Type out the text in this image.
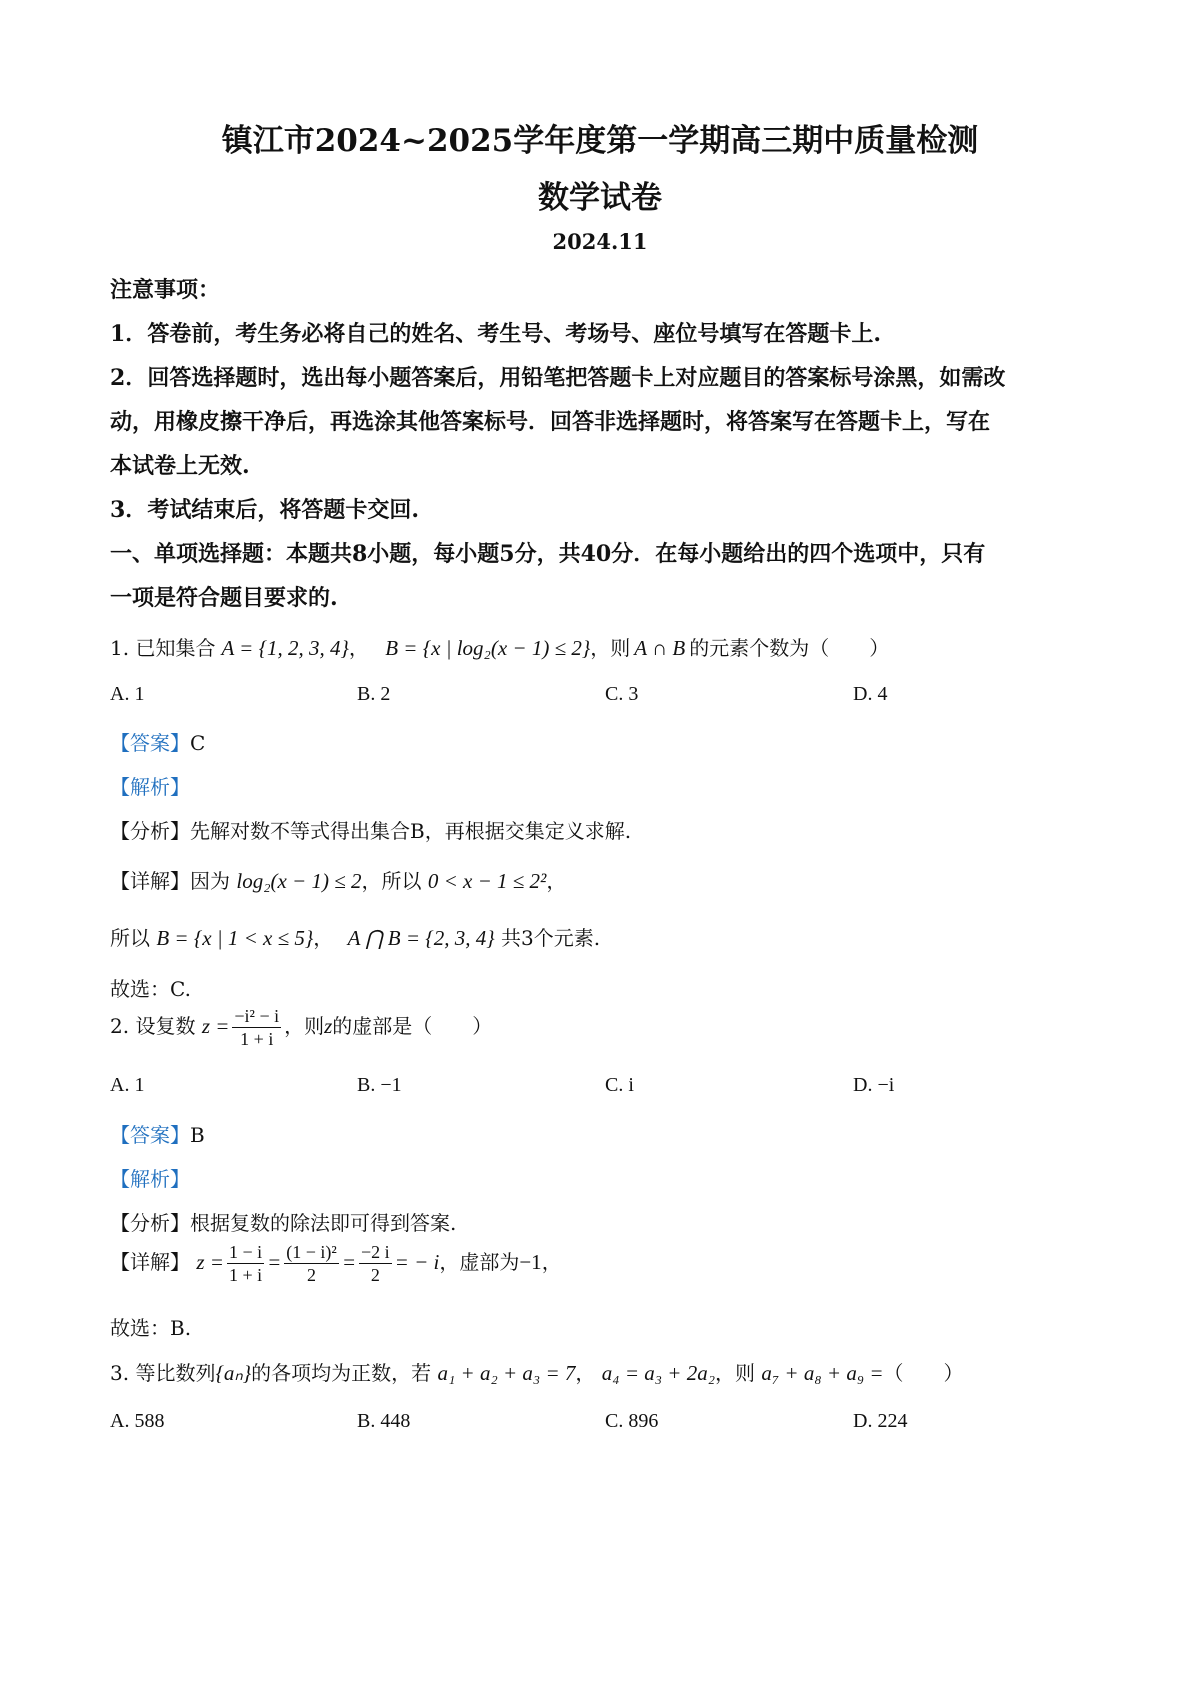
镇江市2024~2025学年度第一学期高三期中质量检测
数学试卷
2024.11
注意事项：
1．答卷前，考生务必将自己的姓名、考生号、考场号、座位号填写在答题卡上.
2．回答选择题时，选出每小题答案后，用铅笔把答题卡上对应题目的答案标号涂黑，如需改
动，用橡皮擦干净后，再选涂其他答案标号．回答非选择题时，将答案写在答题卡上，写在
本试卷上无效.
3．考试结束后，将答题卡交回.
一、单项选择题：本题共8小题，每小题5分，共40分．在每小题给出的四个选项中，只有
一项是符合题目要求的.
1. 已知集合 A = {1, 2, 3, 4}， B = {x | log₂(x − 1) ≤ 2}，则 A ∩ B 的元素个数为（　　）
A. 1	B. 2	C. 3	D. 4
【答案】C
【解析】
【分析】先解对数不等式得出集合B，再根据交集定义求解.
【详解】因为 log₂(x − 1) ≤ 2，所以 0 < x − 1 ≤ 2²，
所以 B = {x | 1 < x ≤ 5}， A ⋂ B = {2, 3, 4} 共3个元素.
故选：C.
2. 设复数 $z = \frac{\text{−i² − i}}{1 + i}$ ，则z的虚部是（　　）
A. 1	B. −1	C. i	D. −i
【答案】B
【解析】
【分析】根据复数的除法即可得到答案.
【详解】 $z = \frac{1 - i}{1 + i} = \frac{\text{(1 − i)²}}{2} = \frac{-2 i}{2}$ = − i，虚部为−1，
故选：B.
3. 等比数列{aₙ}的各项均为正数，若 a₁ + a₂ + a₃ = 7， a₄ = a₃ + 2a₂，则 a₇ + a₈ + a₉ =（　　）
A. 588	B. 448	C. 896	D. 224
